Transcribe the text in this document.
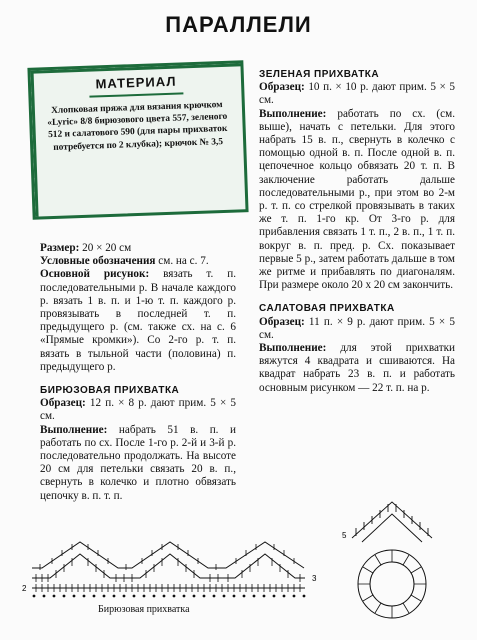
ПАРАЛЛЕЛИ
МАТЕРИАЛ
Хлопковая пряжа для вязания крючком «Lyric» 8/8 бирюзового цвета 557, зеленого 512 и салатового 590 (для пары прихваток потребуется по 2 клубка); крючок № 3,5

Размер: 20 × 20 см

Условные обозначения см. на с. 7.

Основной рисунок: вязать т. п. последовательными р. В начале каждого р. вязать 1 в. п. и 1-ю т. п. каждого р. провязывать в последней т. п. предыдущего р. (см. также сх. на с. 6 «Прямые кромки»). Со 2-го р. т. п. вязать в тыльной части (половина) п. предыдущего р.

БИРЮЗОВАЯ ПРИХВАТКА

Образец: 12 п. × 8 р. дают прим. 5 × 5 см.

Выполнение: набрать 51 в. п. и работать по сх. После 1-го р. 2-й и 3-й р. последовательно продолжать. На высоте 20 см для петельки связать 20 в. п., свернуть в колечко и плотно обвязать цепочку в. п. т. п.

ЗЕЛЕНАЯ ПРИХВАТКА

Образец: 10 п. × 10 р. дают прим. 5 × 5 см.

Выполнение: работать по сх. (см. выше), начать с петельки. Для этого набрать 15 в. п., свернуть в колечко с помощью одной в. п. После одной в. п. цепочечное кольцо обвязать 20 т. п. В заключение работать дальше последовательными р., при этом во 2-м р. т. п. со стрелкой провязывать в таких же т. п. 1-го кр. От 3-го р. для прибавления связать 1 т. п., 2 в. п., 1 т. п. вокруг в. п. пред. р. Сх. показывает первые 5 р., затем работать дальше в том же ритме и прибавлять по диагоналям. При размере около 20 х 20 см закончить.

САЛАТОВАЯ ПРИХВАТКА

Образец: 11 п. × 9 р. дают прим. 5 × 5 см.

Выполнение: для этой прихватки вяжутся 4 квадрата и сшиваются. На квадрат набрать 23 в. п. и работать основным рисунком — 22 т. п. на р.

2
3
Бирюзовая прихватка
5
